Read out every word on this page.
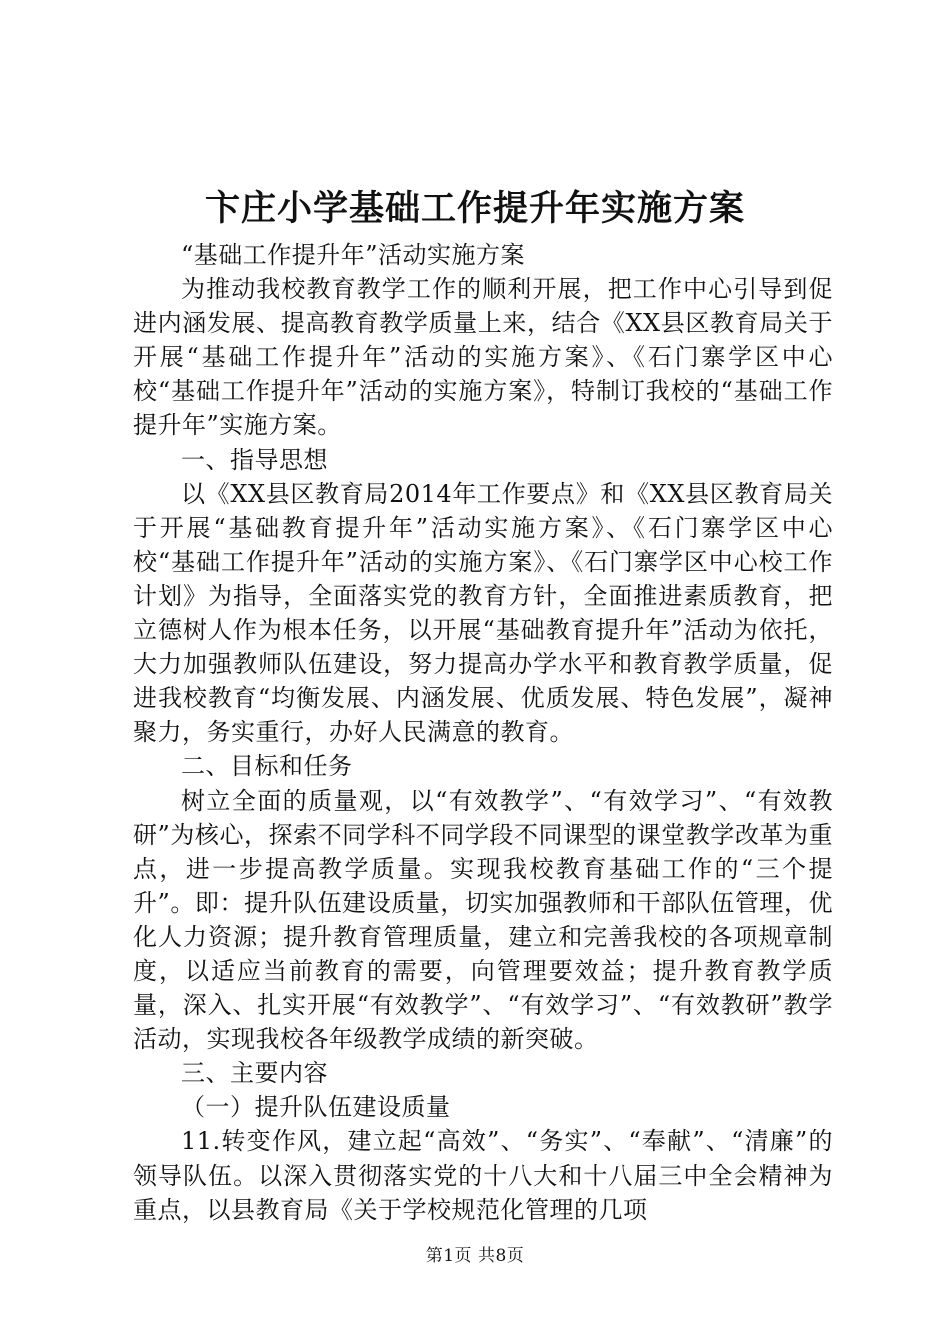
卞庄小学基础工作提升年实施方案

“基础工作提升年”活动实施方案

为推动我校教育教学工作的顺利开展，把工作中心引导到促进内涵发展、提高教育教学质量上来，结合《XX县区教育局关于开展“基础工作提升年”活动的实施方案》、《石门寨学区中心校“基础工作提升年”活动的实施方案》，特制订我校的“基础工作提升年”实施方案。

一、指导思想

以《XX县区教育局2014年工作要点》和《XX县区教育局关于开展“基础教育提升年”活动实施方案》、《石门寨学区中心校“基础工作提升年”活动的实施方案》、《石门寨学区中心校工作计划》为指导，全面落实党的教育方针，全面推进素质教育，把立德树人作为根本任务，以开展“基础教育提升年”活动为依托，大力加强教师队伍建设，努力提高办学水平和教育教学质量，促进我校教育“均衡发展、内涵发展、优质发展、特色发展”，凝神聚力，务实重行，办好人民满意的教育。

二、目标和任务

树立全面的质量观，以“有效教学”、“有效学习”、“有效教研”为核心，探索不同学科不同学段不同课型的课堂教学改革为重点，进一步提高教学质量。实现我校教育基础工作的“三个提升”。即：提升队伍建设质量，切实加强教师和干部队伍管理，优化人力资源；提升教育管理质量，建立和完善我校的各项规章制度，以适应当前教育的需要，向管理要效益；提升教育教学质量，深入、扎实开展“有效教学”、“有效学习”、“有效教研”教学活动，实现我校各年级教学成绩的新突破。

三、主要内容

（一）提升队伍建设质量

11.转变作风，建立起“高效”、“务实”、“奉献”、“清廉”的领导队伍。以深入贯彻落实党的十八大和十八届三中全会精神为重点，以县教育局《关于学校规范化管理的几项

第1页 共8页
